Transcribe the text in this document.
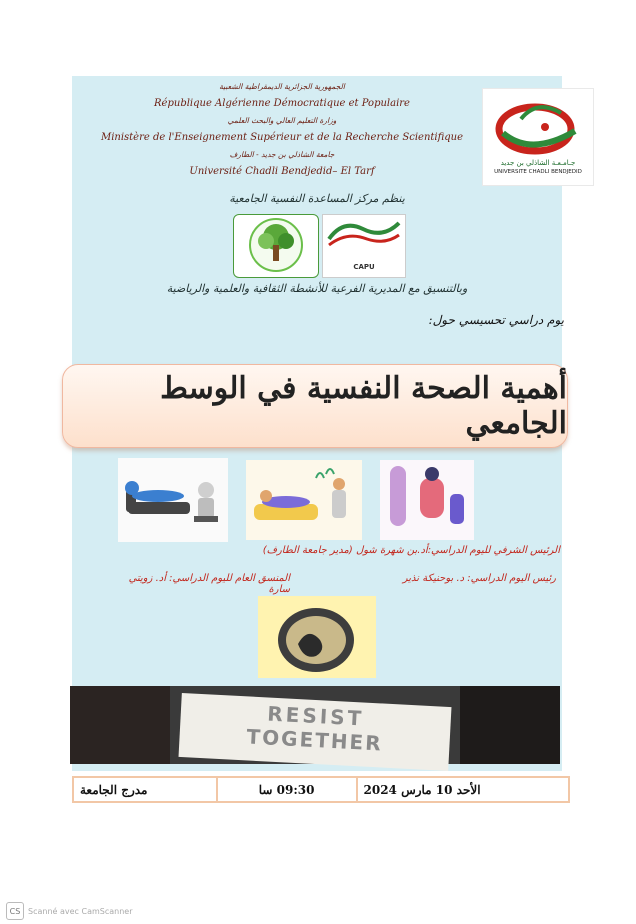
الجمهورية الجزائرية الديمقراطية الشعبية
République Algérienne Démocratique et Populaire
وزارة التعليم العالي والبحث العلمي
Ministère de l'Enseignement Supérieur et de la Recherche Scientifique
جامعة الشاذلي بن جديد - الطارف
Université Chadli Bendjedid– El Tarf
جـامـعـة الشاذلي بن جديد
UNIVERSITE CHADLI BENDJEDID
ينظم مركز المساعدة النفسية الجامعية
CAPU
وبالتنسيق مع المديرية الفرعية للأنشطة الثقافية والعلمية والرياضية
يوم دراسي تحسيسي حول:
أهمية الصحة النفسية في الوسط الجامعي
الرئيس الشرفي لليوم الدراسي:أد.بن شهرة شول (مدير جامعة الطارف)
رئيس اليوم الدراسي: د. بوحنيكة نذير
المنسق العام لليوم الدراسي: أد. زويتي سارة
RESIST
TOGETHER
مدرج الجامعة	09:30 سا	الأحد 10 مارس 2024
CS Scanné avec CamScanner
